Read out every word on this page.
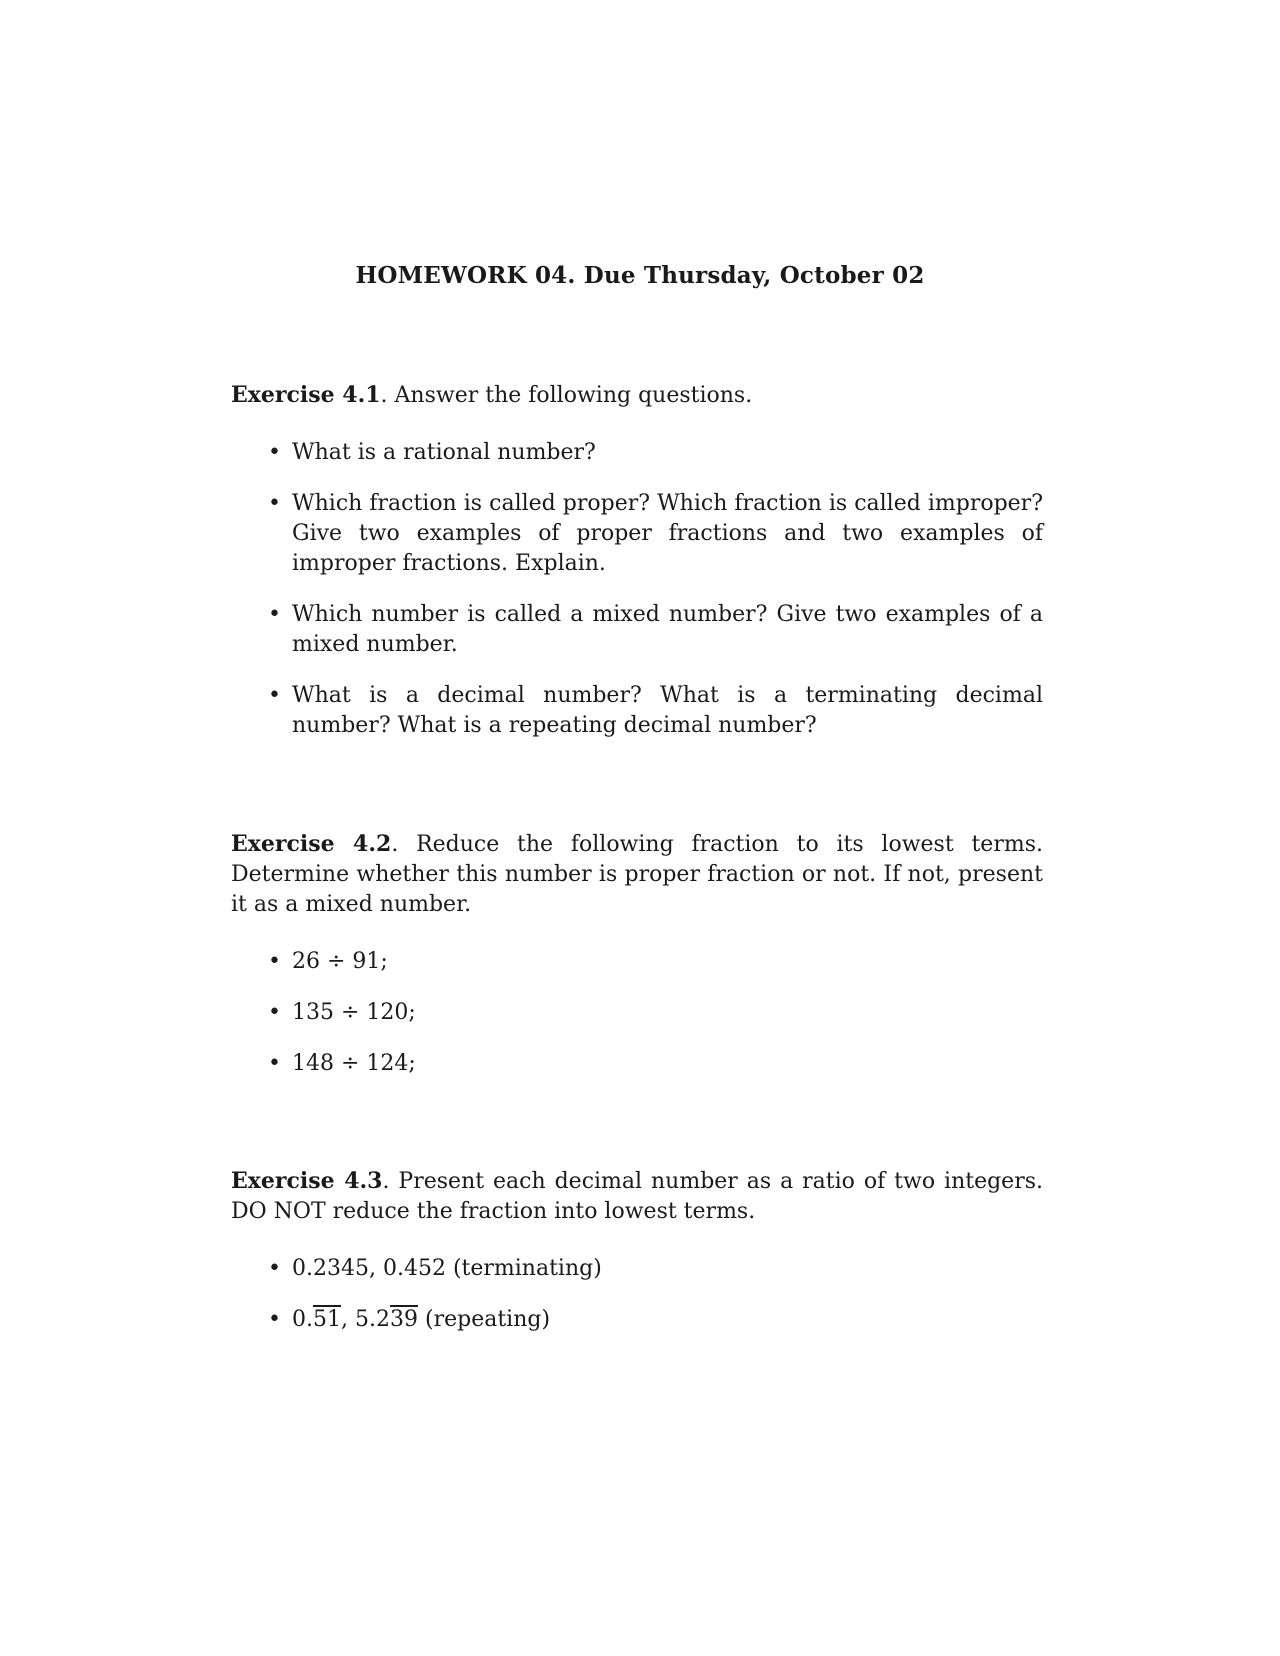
HOMEWORK 04. Due Thursday, October 02

Exercise 4.1. Answer the following questions.

• What is a rational number?
• Which fraction is called proper? Which fraction is called improper? Give two examples of proper fractions and two examples of improper fractions. Explain.
• Which number is called a mixed number? Give two examples of a mixed number.
• What is a decimal number? What is a terminating decimal number? What is a repeating decimal number?

Exercise 4.2. Reduce the following fraction to its lowest terms. Determine whether this number is proper fraction or not. If not, present it as a mixed number.

• 26 ÷ 91;
• 135 ÷ 120;
• 148 ÷ 124;

Exercise 4.3. Present each decimal number as a ratio of two integers. DO NOT reduce the fraction into lowest terms.

• 0.2345, 0.452 (terminating)
• 0.51, 5.239 (repeating)
